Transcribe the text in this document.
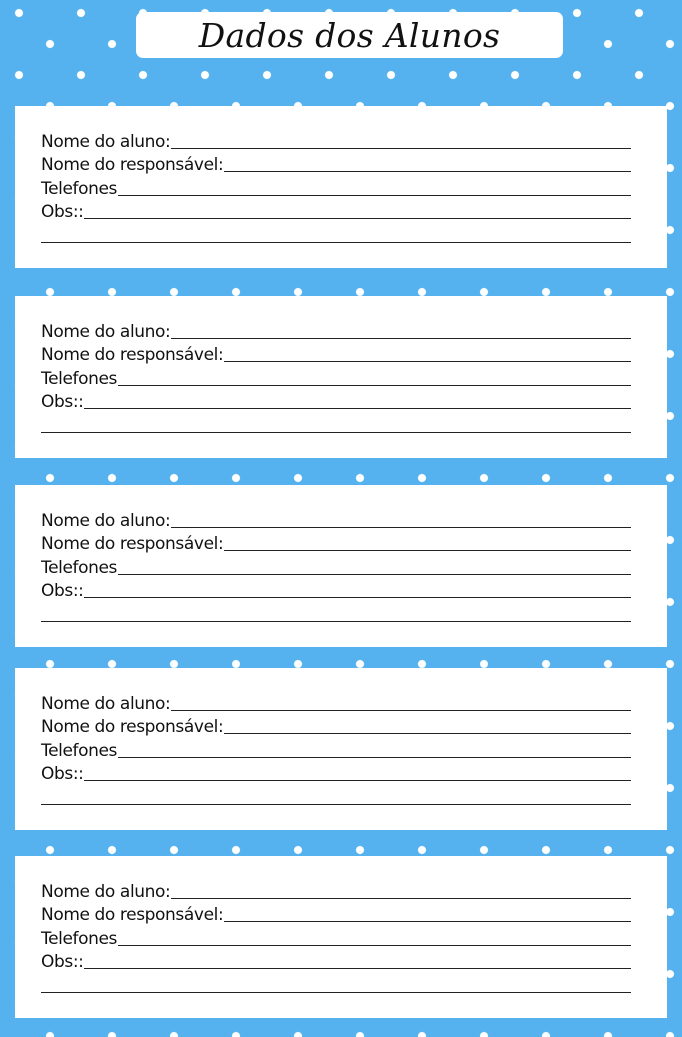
Dados dos Alunos
Nome do aluno:
Nome do responsável:
Telefones
Obs::
Nome do aluno:
Nome do responsável:
Telefones
Obs::
Nome do aluno:
Nome do responsável:
Telefones
Obs::
Nome do aluno:
Nome do responsável:
Telefones
Obs::
Nome do aluno:
Nome do responsável:
Telefones
Obs::
